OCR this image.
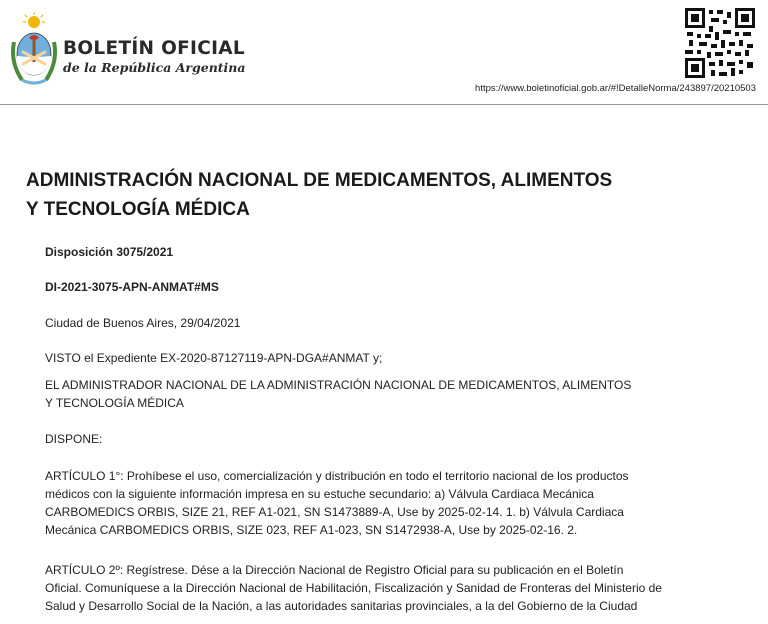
BOLETÍN OFICIAL
de la República Argentina
https://www.boletinoficial.gob.ar/#!DetalleNorma/243897/20210503
ADMINISTRACIÓN NACIONAL DE MEDICAMENTOS, ALIMENTOS
Y TECNOLOGÍA MÉDICA
Disposición 3075/2021
DI-2021-3075-APN-ANMAT#MS
Ciudad de Buenos Aires, 29/04/2021
VISTO el Expediente EX-2020-87127119-APN-DGA#ANMAT y;
EL ADMINISTRADOR NACIONAL DE LA ADMINISTRACIÓN NACIONAL DE MEDICAMENTOS, ALIMENTOS
Y TECNOLOGÍA MÉDICA
DISPONE:
ARTÍCULO 1°: Prohíbese el uso, comercialización y distribución en todo el territorio nacional de los productos
médicos con la siguiente información impresa en su estuche secundario: a) Válvula Cardiaca Mecánica
CARBOMEDICS ORBIS, SIZE 21, REF A1-021, SN S1473889-A, Use by 2025-02-14. 1. b) Válvula Cardiaca
Mecánica CARBOMEDICS ORBIS, SIZE 023, REF A1-023, SN S1472938-A, Use by 2025-02-16. 2.
ARTÍCULO 2º: Regístrese. Dése a la Dirección Nacional de Registro Oficial para su publicación en el Boletín
Oficial. Comuníquese a la Dirección Nacional de Habilitación, Fiscalización y Sanidad de Fronteras del Ministerio de
Salud y Desarrollo Social de la Nación, a las autoridades sanitarias provinciales, a la del Gobierno de la Ciudad
